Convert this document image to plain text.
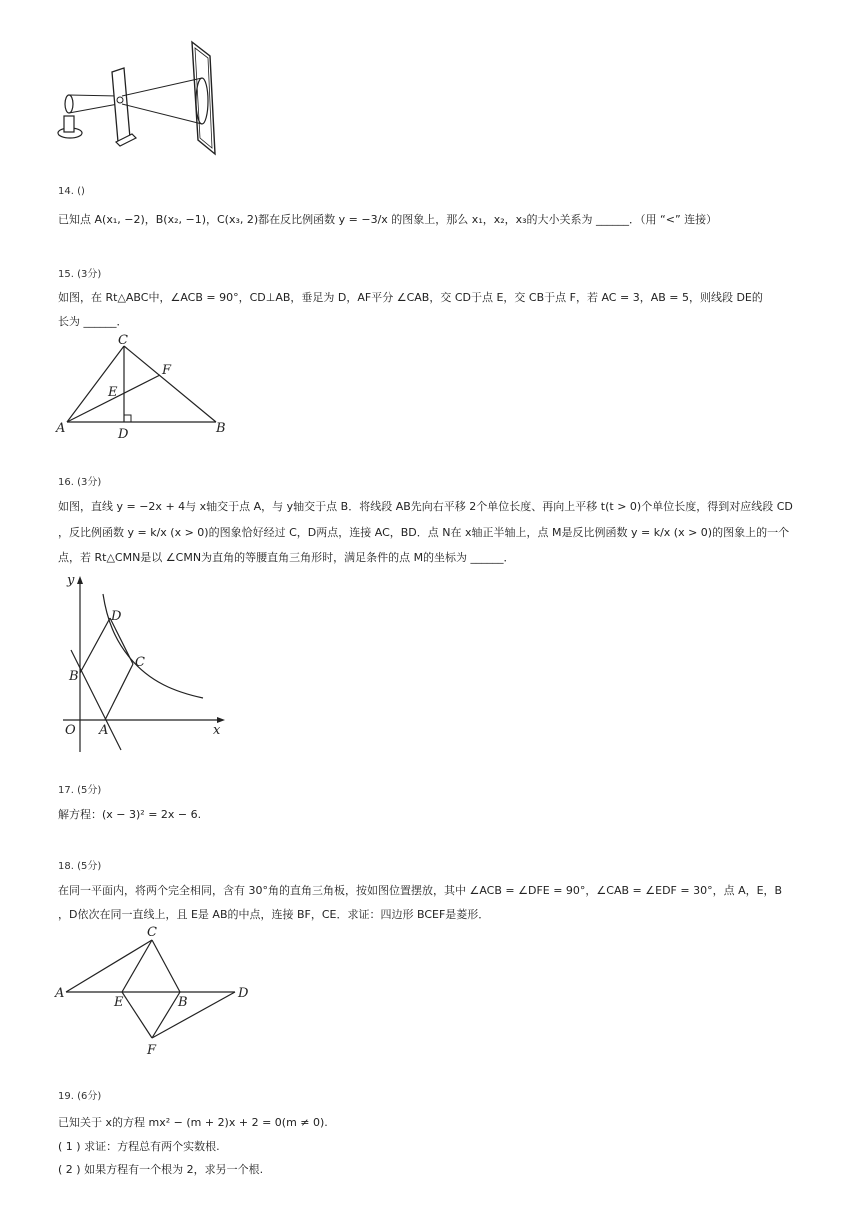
14. ()
已知点 A(x₁, −2)，B(x₂, −1)，C(x₃, 2)都在反比例函数 y = −3/x 的图象上，那么 x₁，x₂，x₃的大小关系为 ______．（用 “<” 连接）
15. (3分)
如图，在 Rt△ABC中，∠ACB = 90°，CD⊥AB，垂足为 D，AF平分 ∠CAB，交 CD于点 E，交 CB于点 F，若 AC = 3，AB = 5，则线段 DE的
长为 ______．
C
F
E
A	D	B
16. (3分)
如图，直线 y = −2x + 4与 x轴交于点 A，与 y轴交于点 B．将线段 AB先向右平移 2个单位长度、再向上平移 t(t > 0)个单位长度，得到对应线段 CD
，反比例函数 y = k/x (x > 0)的图象恰好经过 C，D两点，连接 AC，BD．点 N在 x轴正半轴上，点 M是反比例函数 y = k/x (x > 0)的图象上的一个
点，若 Rt△CMN是以 ∠CMN为直角的等腰直角三角形时，满足条件的点 M的坐标为 ______．
y
x
O A
B
C
D
17. (5分)
解方程：(x − 3)² = 2x − 6.
18. (5分)
在同一平面内，将两个完全相同，含有 30°角的直角三角板，按如图位置摆放，其中 ∠ACB = ∠DFE = 90°，∠CAB = ∠EDF = 30°，点 A，E，B
，D依次在同一直线上，且 E是 AB的中点，连接 BF，CE．求证：四边形 BCEF是菱形．
C
A
E	B
D
F
19. (6分)
已知关于 x的方程 mx² − (m + 2)x + 2 = 0(m ≠ 0).
( 1 ) 求证：方程总有两个实数根.
( 2 ) 如果方程有一个根为 2，求另一个根.
